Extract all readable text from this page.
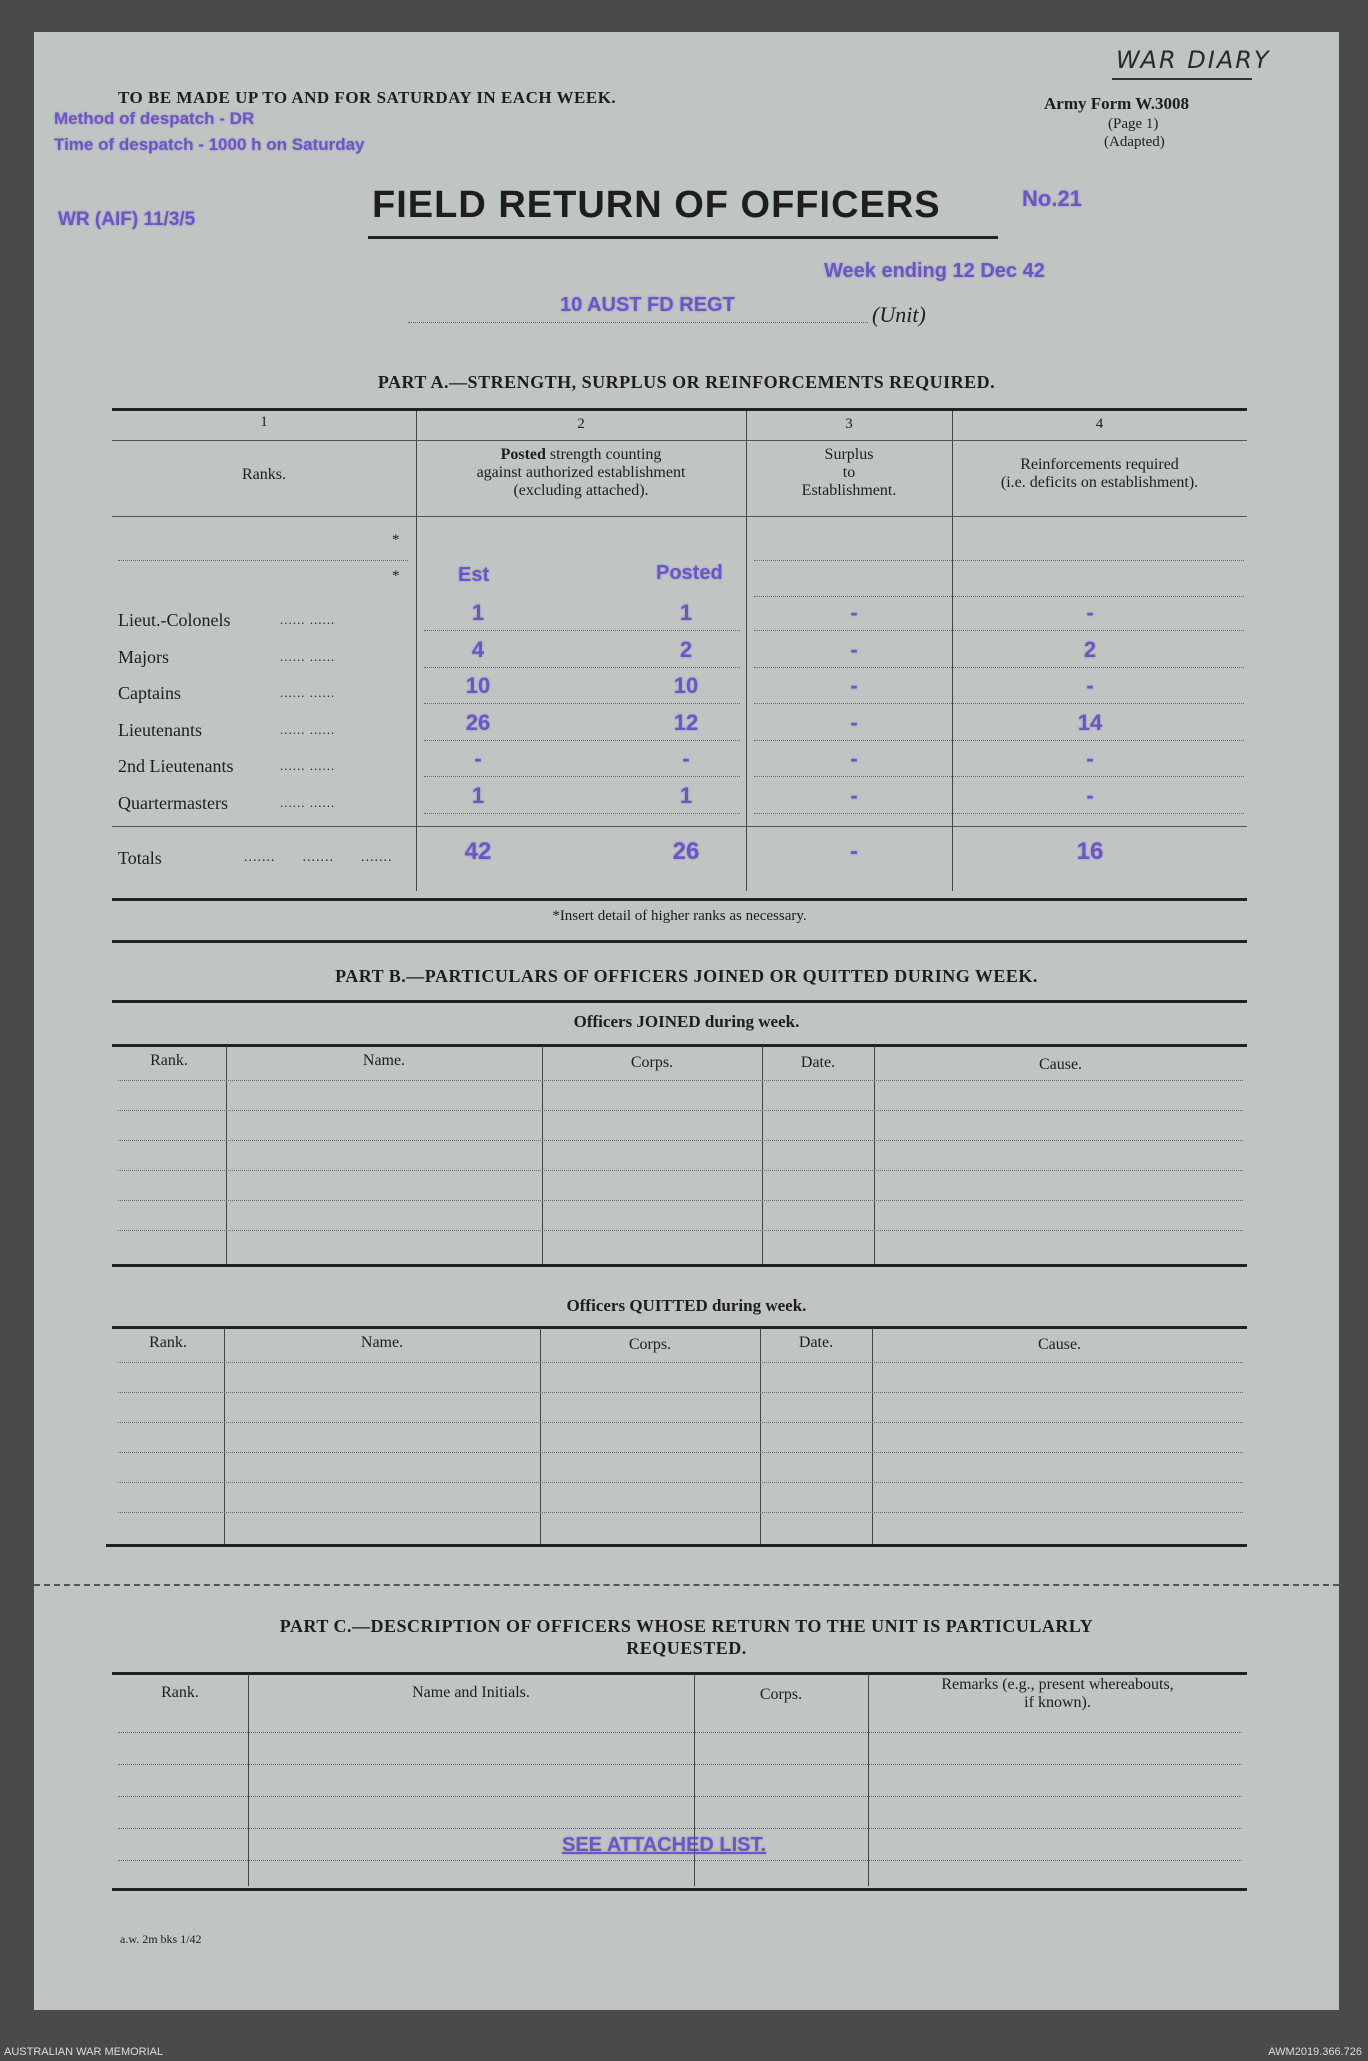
WAR DIARY
TO BE MADE UP TO AND FOR SATURDAY IN EACH WEEK.	Army Form W.3008
(Page 1)
(Adapted)
Method of despatch - DR
Time of despatch - 1000 h on Saturday
WR (AIF) 11/3/5	FIELD RETURN OF OFFICERS	No.21
Week ending 12 Dec 42
10 AUST FD REGT	(Unit)
PART A.—STRENGTH, SURPLUS OR REINFORCEMENTS REQUIRED.
1	2	3	4
Ranks.
Posted strength counting
against authorized establishment
(excluding attached).
Surplus
to
Establishment.
Reinforcements required
(i.e. deficits on establishment).
*
*	Est	Posted
Lieut.-Colonels	...... ......	1	1	-	-
Majors	...... ......	4	2	-	2
Captains	...... ......	10	10	-	-
Lieutenants	...... ......	26	12	-	14
2nd Lieutenants	...... ......	-	-	-	-
Quartermasters	...... ......	1	1	-	-
Totals	.......      .......      .......	42	26	-	16
*Insert detail of higher ranks as necessary.
PART B.—PARTICULARS OF OFFICERS JOINED OR QUITTED DURING WEEK.
Officers JOINED during week.
Rank.	Name.	Corps.	Date.	Cause.
Officers QUITTED during week.
Rank.	Name.	Corps.	Date.	Cause.
PART C.—DESCRIPTION OF OFFICERS WHOSE RETURN TO THE UNIT IS PARTICULARLY
REQUESTED.
Rank.	Name and Initials.	Corps.
Remarks (e.g., present whereabouts,
if known).
SEE ATTACHED LIST.
a.w. 2m bks 1/42
AUSTRALIAN WAR MEMORIAL	AWM2019.366.726
